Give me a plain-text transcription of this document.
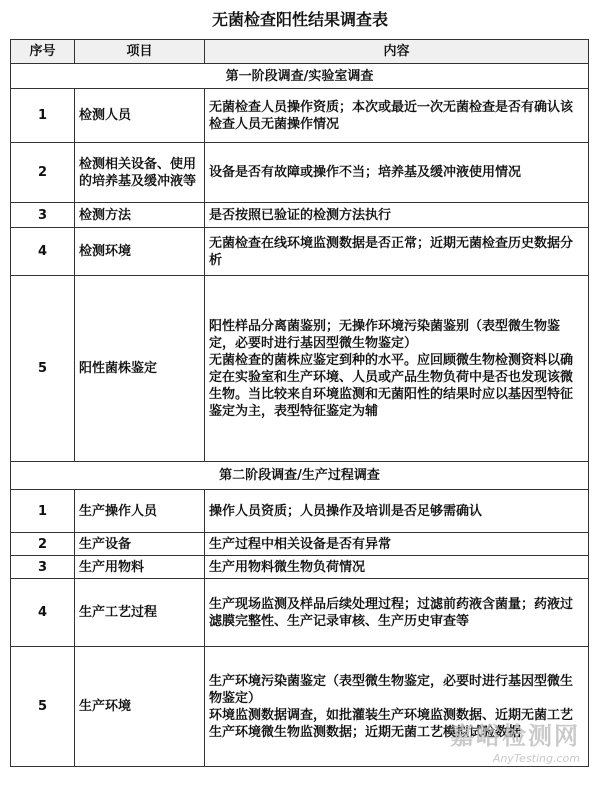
无菌检查阳性结果调查表
序号	项目	内容
第一阶段调查/实验室调查		
1	检测人员	无菌检查人员操作资质；本次或最近一次无菌检查是否有确认该检查人员无菌操作情况

2	检测相关设备、使用的培养基及缓冲液等	设备是否有故障或操作不当；培养基及缓冲液使用情况

3	检测方法	是否按照已验证的检测方法执行

4	检测环境	无菌检查在线环境监测数据是否正常；近期无菌检查历史数据分析

5	阳性菌株鉴定	阳性样品分离菌鉴别；无操作环境污染菌鉴别（表型微生物鉴定，必要时进行基因型微生物鉴定）
无菌检查的菌株应鉴定到种的水平。应回顾微生物检测资料以确定在实验室和生产环境、人员或产品生物负荷中是否也发现该微生物。当比较来自环境监测和无菌阳性的结果时应以基因型特征鉴定为主，表型特征鉴定为辅

第二阶段调查/生产过程调查		
1	生产操作人员	操作人员资质；人员操作及培训是否足够需确认

2	生产设备	生产过程中相关设备是否有异常

3	生产用物料	生产用物料微生物负荷情况

4	生产工艺过程	生产现场监测及样品后续处理过程；过滤前药液含菌量；药液过滤膜完整性、生产记录审核、生产历史审查等

5	生产环境	生产环境污染菌鉴定（表型微生物鉴定，必要时进行基因型微生物鉴定）
环境监测数据调查，如批灌装生产环境监测数据、近期无菌工艺生产环境微生物监测数据；近期无菌工艺模拟试验数据
嘉峪检测网
AnyTesting.com
